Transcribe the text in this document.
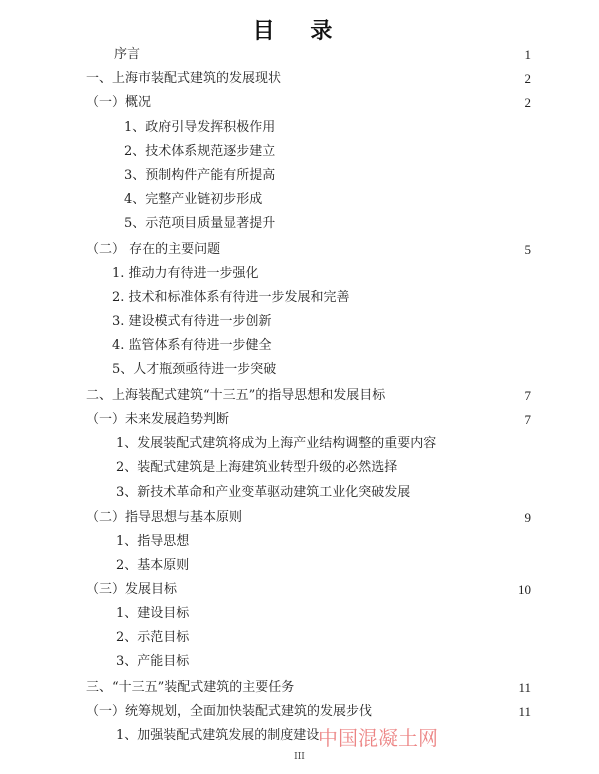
目 录
序言	1
一、上海市装配式建筑的发展现状	2
（一）概况	2
1、政府引导发挥积极作用
2、技术体系规范逐步建立
3、预制构件产能有所提高
4、完整产业链初步形成
5、示范项目质量显著提升
（二） 存在的主要问题	5
1. 推动力有待进一步强化
2. 技术和标准体系有待进一步发展和完善
3. 建设模式有待进一步创新
4. 监管体系有待进一步健全
5、人才瓶颈亟待进一步突破
二、上海装配式建筑“十三五”的指导思想和发展目标	7
（一）未来发展趋势判断	7
1、发展装配式建筑将成为上海产业结构调整的重要内容
2、装配式建筑是上海建筑业转型升级的必然选择
3、新技术革命和产业变革驱动建筑工业化突破发展
（二）指导思想与基本原则	9
1、指导思想
2、基本原则
（三）发展目标	10
1、建设目标
2、示范目标
3、产能目标
三、“十三五”装配式建筑的主要任务	11
（一）统筹规划，全面加快装配式建筑的发展步伐	11
1、加强装配式建筑发展的制度建设
中国混凝土网
III
